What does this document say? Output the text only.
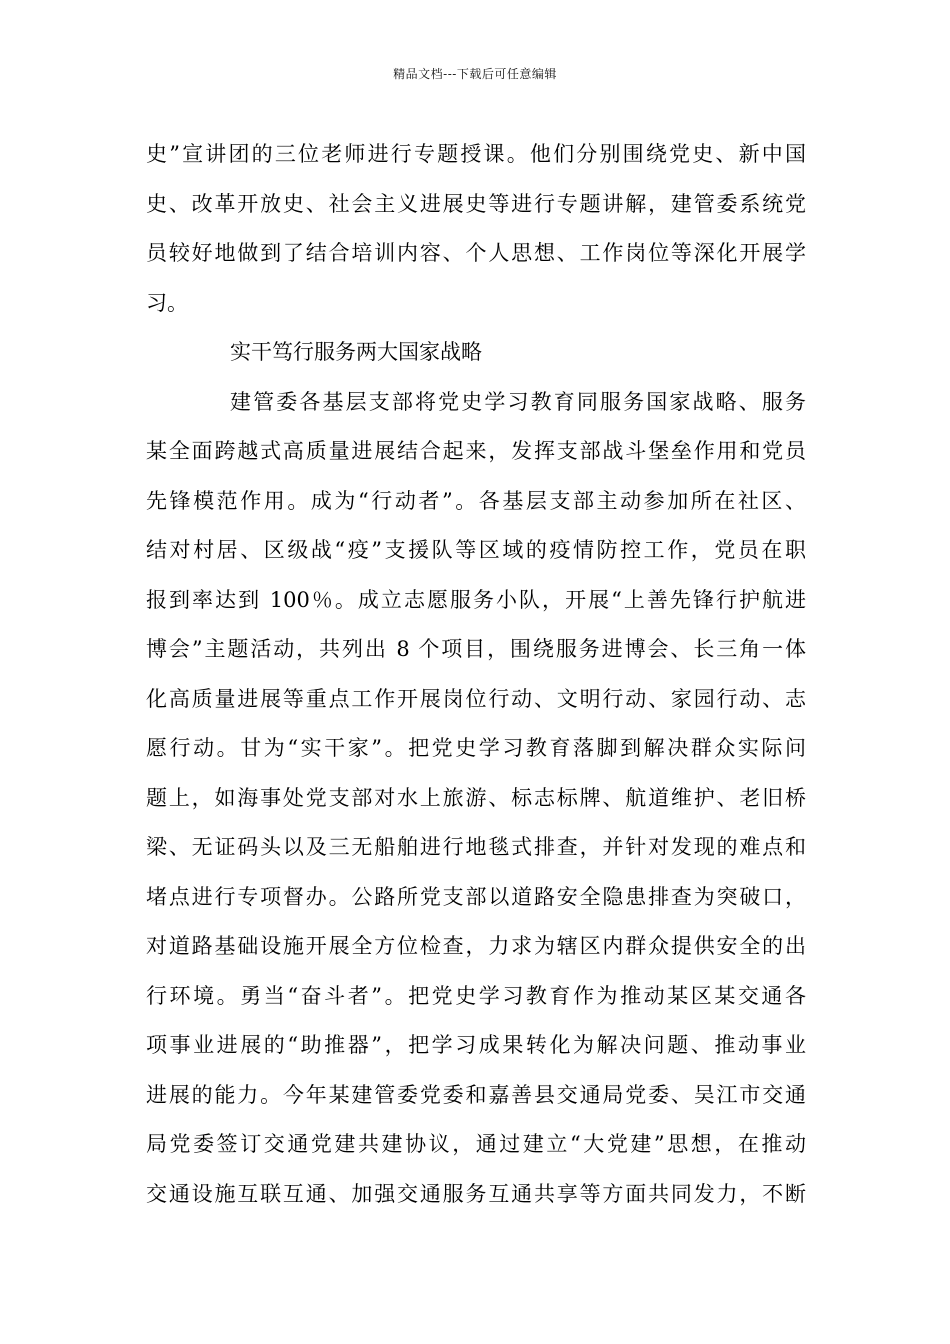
精品文档---下载后可任意编辑
史”宣讲团的三位老师进行专题授课。他们分别围绕党史、新中国
史、改革开放史、社会主义进展史等进行专题讲解，建管委系统党
员较好地做到了结合培训内容、个人思想、工作岗位等深化开展学
习。
实干笃行服务两大国家战略
建管委各基层支部将党史学习教育同服务国家战略、服务
某全面跨越式高质量进展结合起来，发挥支部战斗堡垒作用和党员
先锋模范作用。成为“行动者”。各基层支部主动参加所在社区、
结对村居、区级战“疫”支援队等区域的疫情防控工作，党员在职
报到率达到 100％。成立志愿服务小队，开展“上善先锋行护航进
博会”主题活动，共列出 8 个项目，围绕服务进博会、长三角一体
化高质量进展等重点工作开展岗位行动、文明行动、家园行动、志
愿行动。甘为“实干家”。把党史学习教育落脚到解决群众实际问
题上，如海事处党支部对水上旅游、标志标牌、航道维护、老旧桥
梁、无证码头以及三无船舶进行地毯式排查，并针对发现的难点和
堵点进行专项督办。公路所党支部以道路安全隐患排查为突破口，
对道路基础设施开展全方位检查，力求为辖区内群众提供安全的出
行环境。勇当“奋斗者”。把党史学习教育作为推动某区某交通各
项事业进展的“助推器”，把学习成果转化为解决问题、推动事业
进展的能力。今年某建管委党委和嘉善县交通局党委、吴江市交通
局党委签订交通党建共建协议，通过建立“大党建”思想，在推动
交通设施互联互通、加强交通服务互通共享等方面共同发力，不断
